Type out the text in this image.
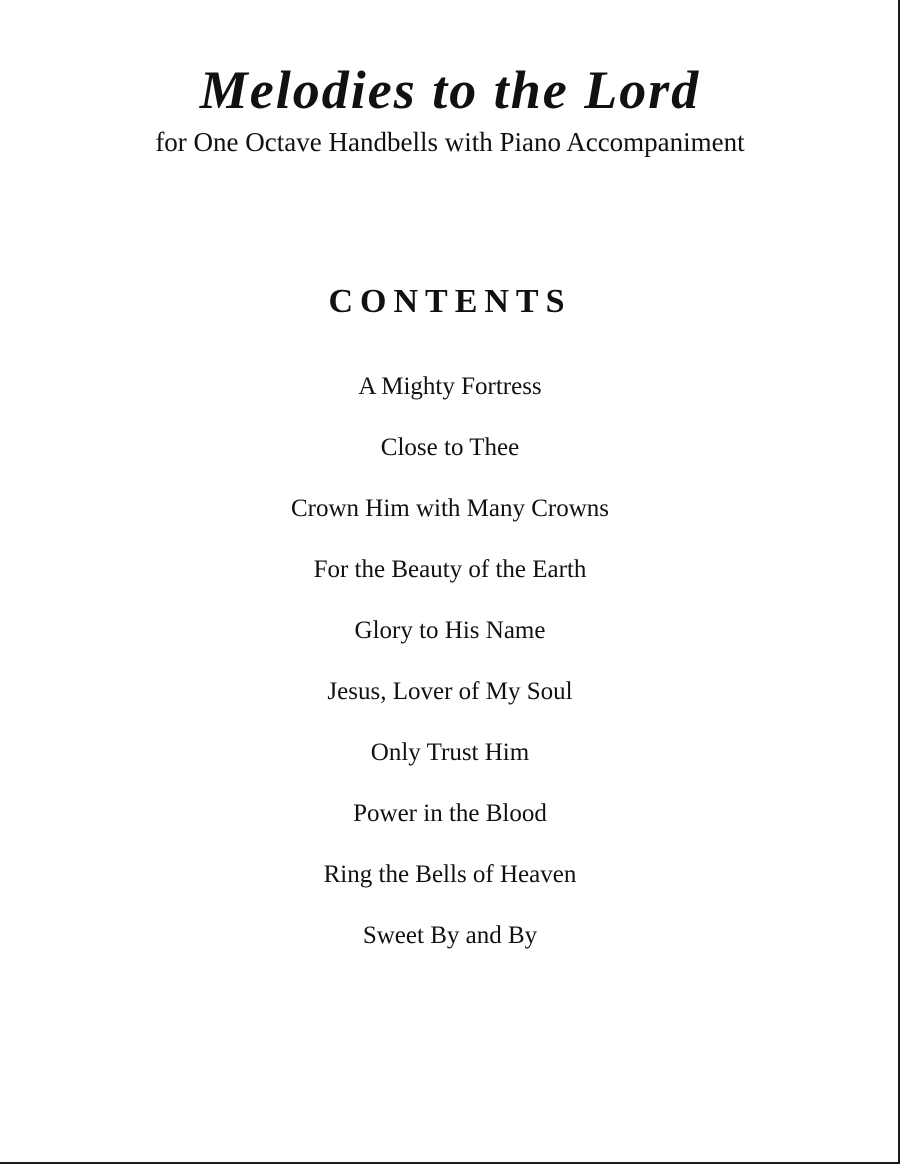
Melodies to the Lord
for One Octave Handbells with Piano Accompaniment
CONTENTS
A Mighty Fortress
Close to Thee
Crown Him with Many Crowns
For the Beauty of the Earth
Glory to His Name
Jesus, Lover of My Soul
Only Trust Him
Power in the Blood
Ring the Bells of Heaven
Sweet By and By
